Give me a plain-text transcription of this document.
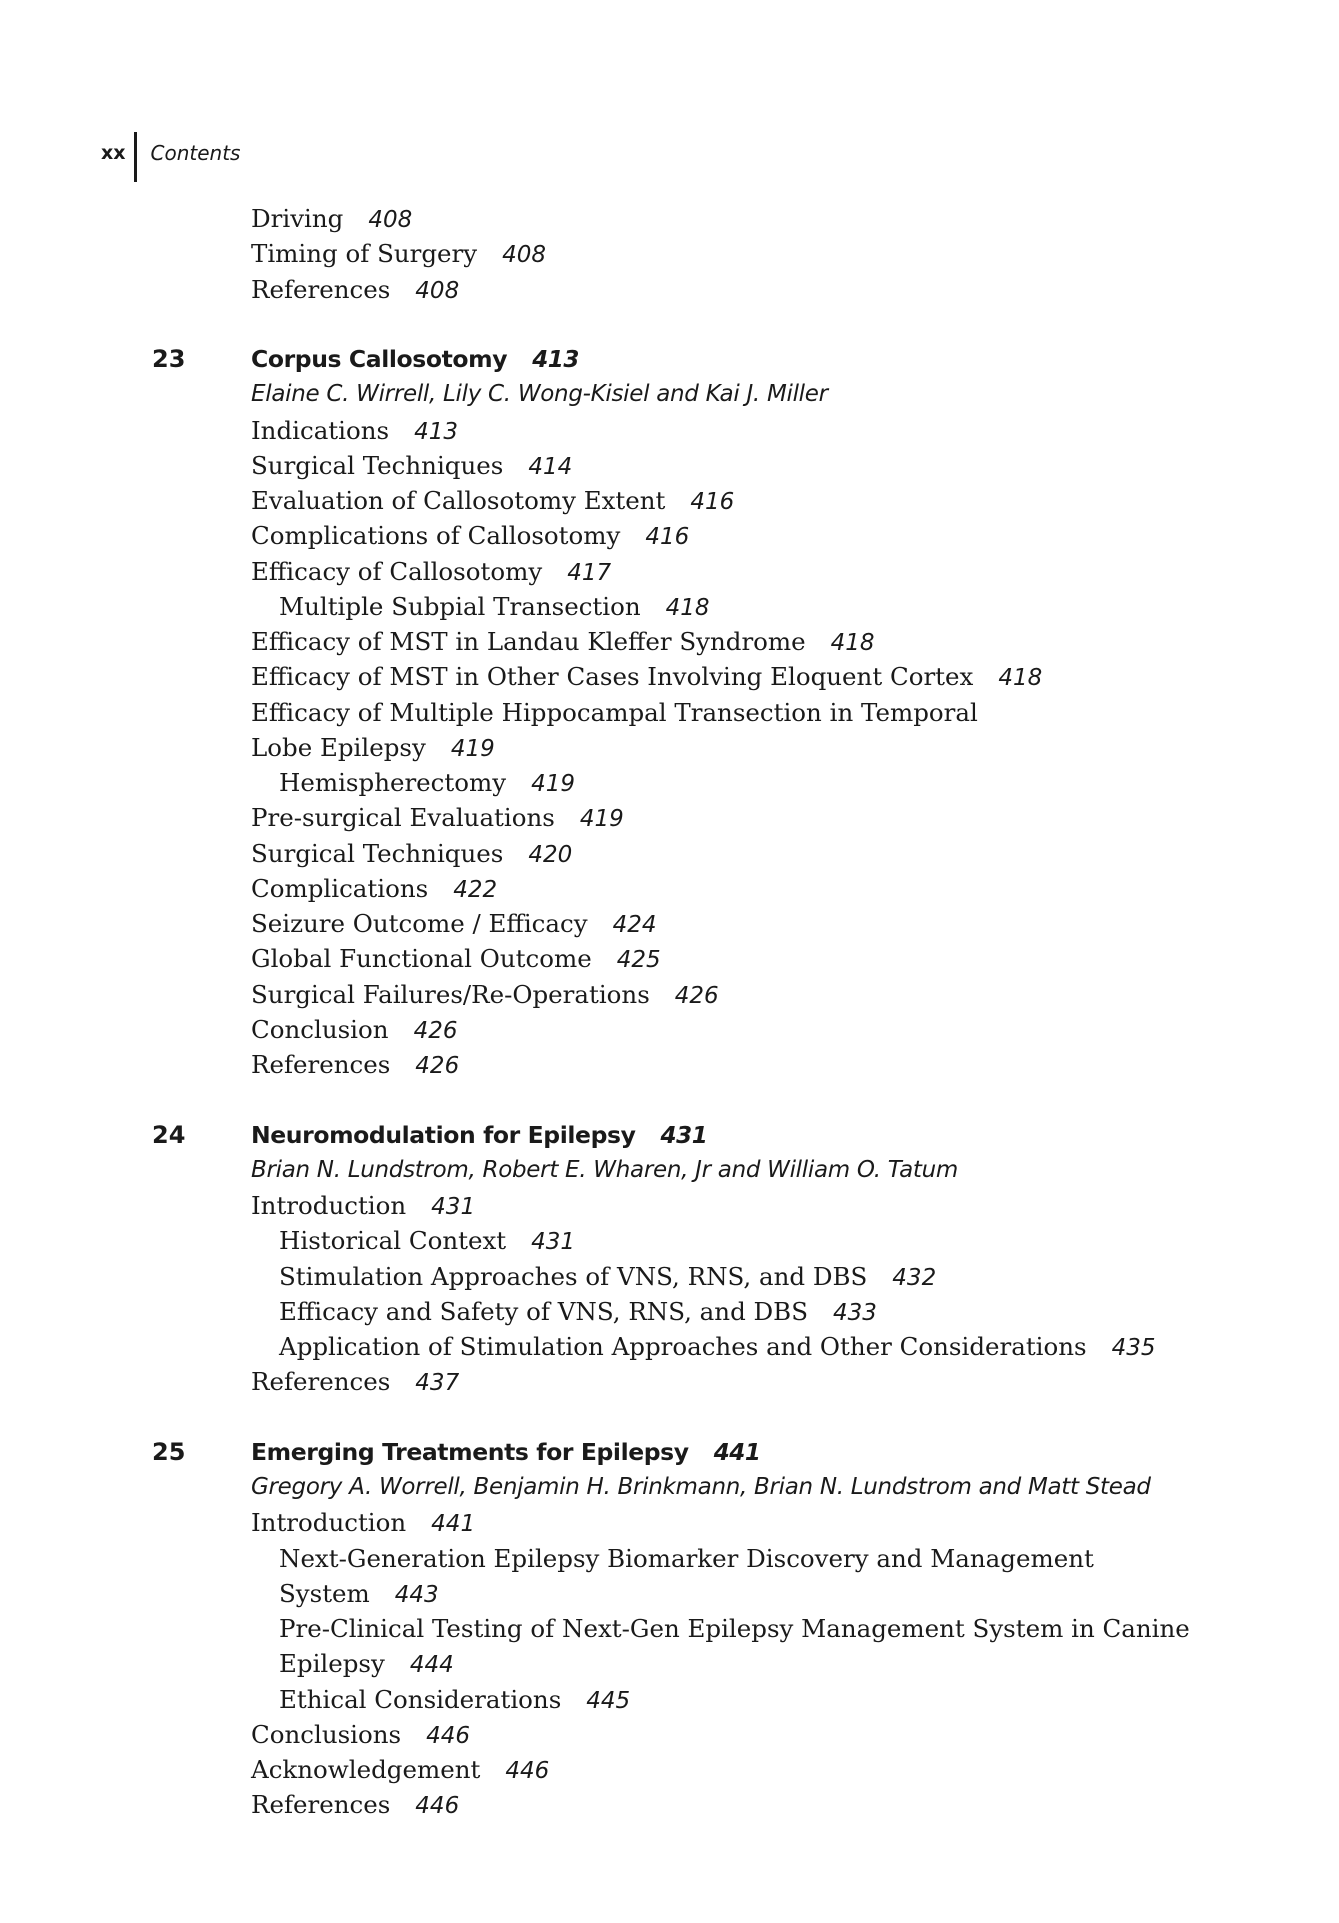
xx	Contents
Driving 408
Timing of Surgery 408
References 408
23	Corpus Callosotomy 413
Elaine C. Wirrell, Lily C. Wong-Kisiel and Kai J. Miller
Indications 413
Surgical Techniques 414
Evaluation of Callosotomy Extent 416
Complications of Callosotomy 416
Efficacy of Callosotomy 417
Multiple Subpial Transection 418
Efficacy of MST in Landau Kleffer Syndrome 418
Efficacy of MST in Other Cases Involving Eloquent Cortex 418
Efficacy of Multiple Hippocampal Transection in Temporal
Lobe Epilepsy 419
Hemispherectomy 419
Pre-surgical Evaluations 419
Surgical Techniques 420
Complications 422
Seizure Outcome / Efficacy 424
Global Functional Outcome 425
Surgical Failures/Re-Operations 426
Conclusion 426
References 426
24	Neuromodulation for Epilepsy 431
Brian N. Lundstrom, Robert E. Wharen, Jr and William O. Tatum
Introduction 431
Historical Context 431
Stimulation Approaches of VNS, RNS, and DBS 432
Efficacy and Safety of VNS, RNS, and DBS 433
Application of Stimulation Approaches and Other Considerations 435
References 437
25	Emerging Treatments for Epilepsy 441
Gregory A. Worrell, Benjamin H. Brinkmann, Brian N. Lundstrom and Matt Stead
Introduction 441
Next-Generation Epilepsy Biomarker Discovery and Management
System 443
Pre-Clinical Testing of Next-Gen Epilepsy Management System in Canine
Epilepsy 444
Ethical Considerations 445
Conclusions 446
Acknowledgement 446
References 446
